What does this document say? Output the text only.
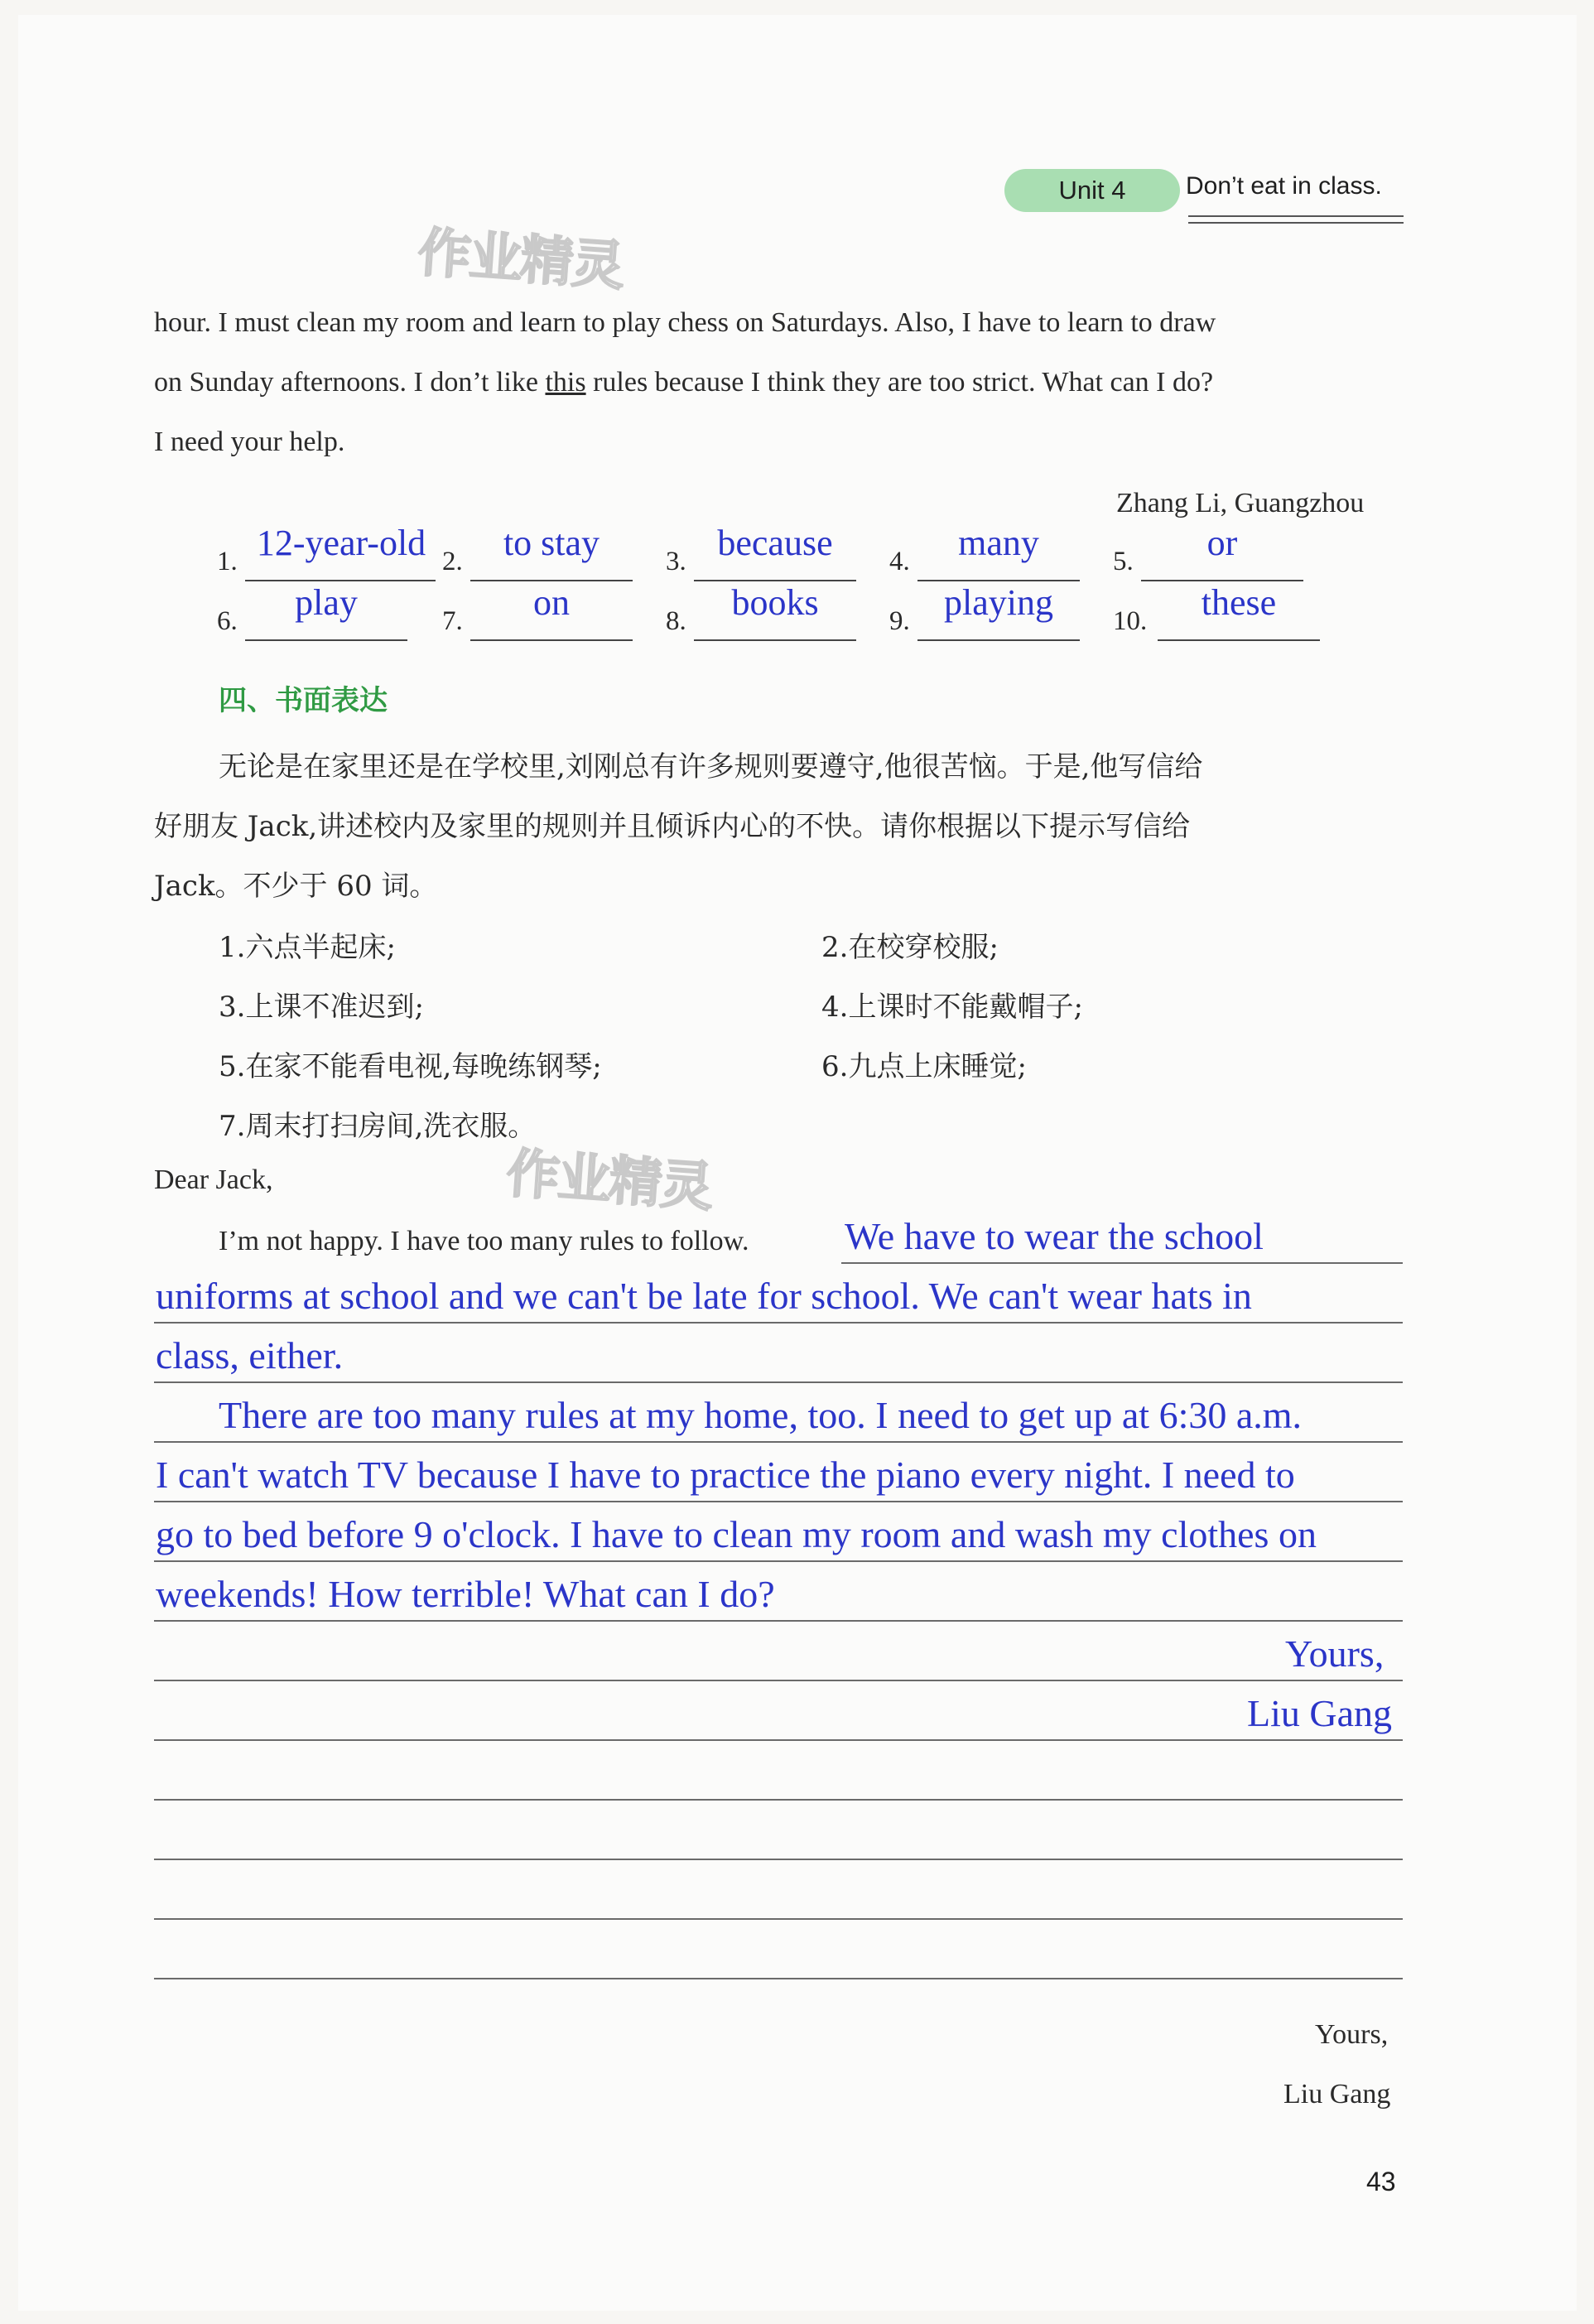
Unit 4 Don’t eat in class.
作业精灵
作业精灵
hour. I must clean my room and learn to play chess on Saturdays. Also, I have to learn to draw
on Sunday afternoons. I don’t like this rules because I think they are too strict. What can I do?
I need your help.
Zhang Li, Guangzhou
1. 12-year-old 2.	to stay	3. because	4.	many	5.	or
6.	play	7.	on	8.	books	9. playing	10.	these
四、书面表达
无论是在家里还是在学校里,刘刚总有许多规则要遵守,他很苦恼。于是,他写信给
好朋友 Jack,讲述校内及家里的规则并且倾诉内心的不快。请你根据以下提示写信给
Jack。不少于 60 词。
1.六点半起床;	2.在校穿校服;
3.上课不准迟到;	4.上课时不能戴帽子;
5.在家不能看电视,每晚练钢琴;	6.九点上床睡觉;
7.周末打扫房间,洗衣服。
Dear Jack,
I’m not happy. I have too many rules to follow.	We have to wear the school
uniforms at school and we can't be late for school. We can't wear hats in
class, either.
There are too many rules at my home, too. I need to get up at 6:30 a.m.
I can't watch TV because I have to practice the piano every night. I need to
go to bed before 9 o'clock. I have to clean my room and wash my clothes on
weekends! How terrible! What can I do?
Yours,
Liu Gang
Yours,
Liu Gang
43
